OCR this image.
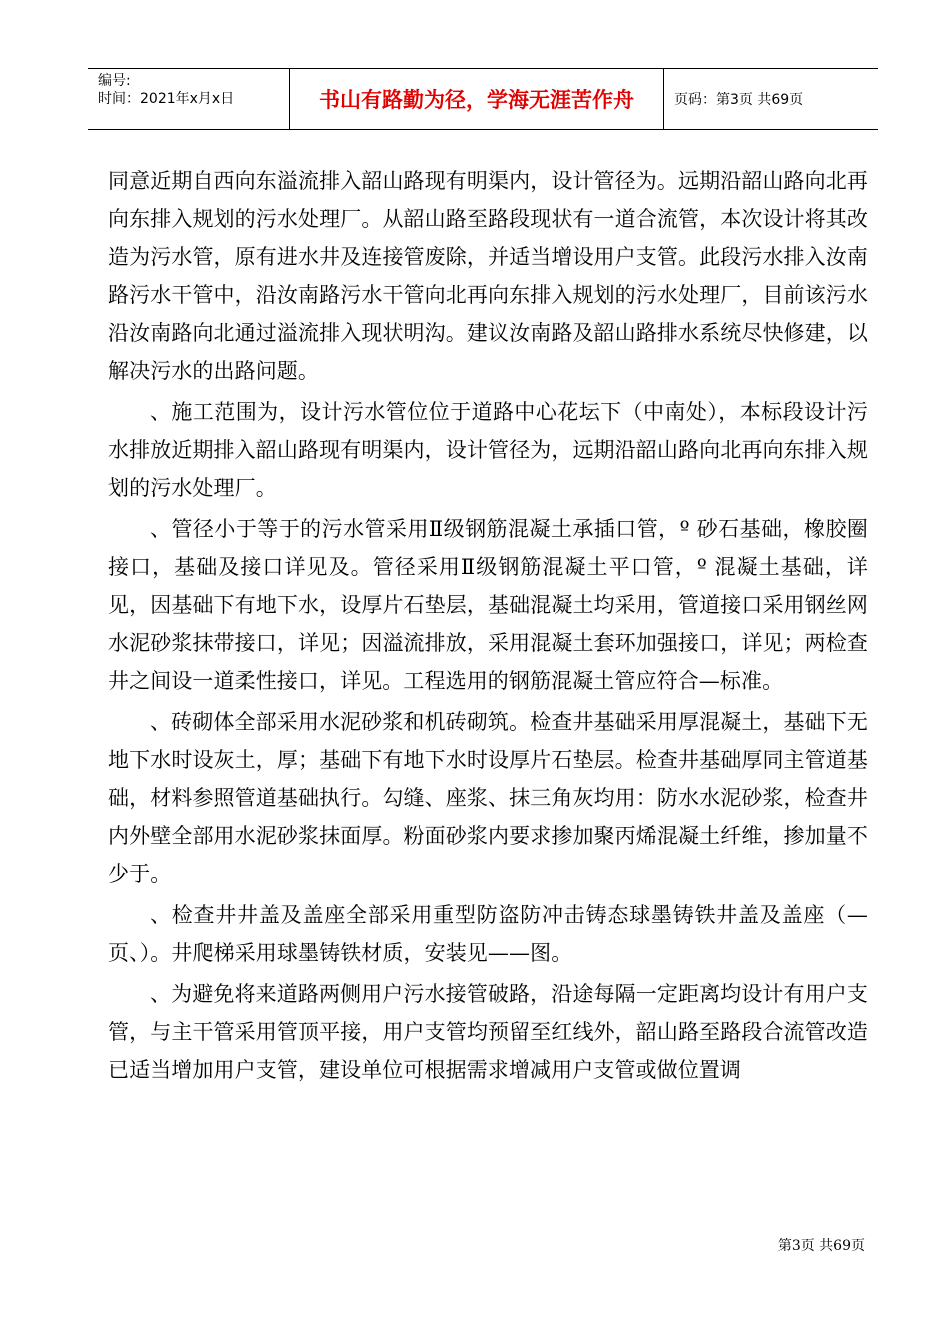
编号:
时间：2021年x月x日	书山有路勤为径，学海无涯苦作舟	页码：第3页 共69页

同意近期自西向东溢流排入韶山路现有明渠内，设计管径为。远期沿韶山路向北再向东排入规划的污水处理厂。从韶山路至路段现状有一道合流管，本次设计将其改造为污水管，原有进水井及连接管废除，并适当增设用户支管。此段污水排入汝南路污水干管中，沿汝南路污水干管向北再向东排入规划的污水处理厂，目前该污水沿汝南路向北通过溢流排入现状明沟。建议汝南路及韶山路排水系统尽快修建，以解决污水的出路问题。

、施工范围为，设计污水管位位于道路中心花坛下（中南处），本标段设计污水排放近期排入韶山路现有明渠内，设计管径为，远期沿韶山路向北再向东排入规划的污水处理厂。

、管径小于等于的污水管采用Ⅱ级钢筋混凝土承插口管，º 砂石基础，橡胶圈接口，基础及接口详见及。管径采用Ⅱ级钢筋混凝土平口管，º 混凝土基础，详见，因基础下有地下水，设厚片石垫层，基础混凝土均采用，管道接口采用钢丝网水泥砂浆抹带接口，详见；因溢流排放，采用混凝土套环加强接口，详见；两检查井之间设一道柔性接口，详见。工程选用的钢筋混凝土管应符合—标准。

、砖砌体全部采用水泥砂浆和机砖砌筑。检查井基础采用厚混凝土，基础下无地下水时设灰土，厚；基础下有地下水时设厚片石垫层。检查井基础厚同主管道基础，材料参照管道基础执行。勾缝、座浆、抹三角灰均用：防水水泥砂浆，检查井内外壁全部用水泥砂浆抹面厚。粉面砂浆内要求掺加聚丙烯混凝土纤维，掺加量不少于。

、检查井井盖及盖座全部采用重型防盗防冲击铸态球墨铸铁井盖及盖座（—页、）。井爬梯采用球墨铸铁材质，安装见——图。

、为避免将来道路两侧用户污水接管破路，沿途每隔一定距离均设计有用户支管，与主干管采用管顶平接，用户支管均预留至红线外，韶山路至路段合流管改造已适当增加用户支管，建设单位可根据需求增减用户支管或做位置调

第3页 共69页
